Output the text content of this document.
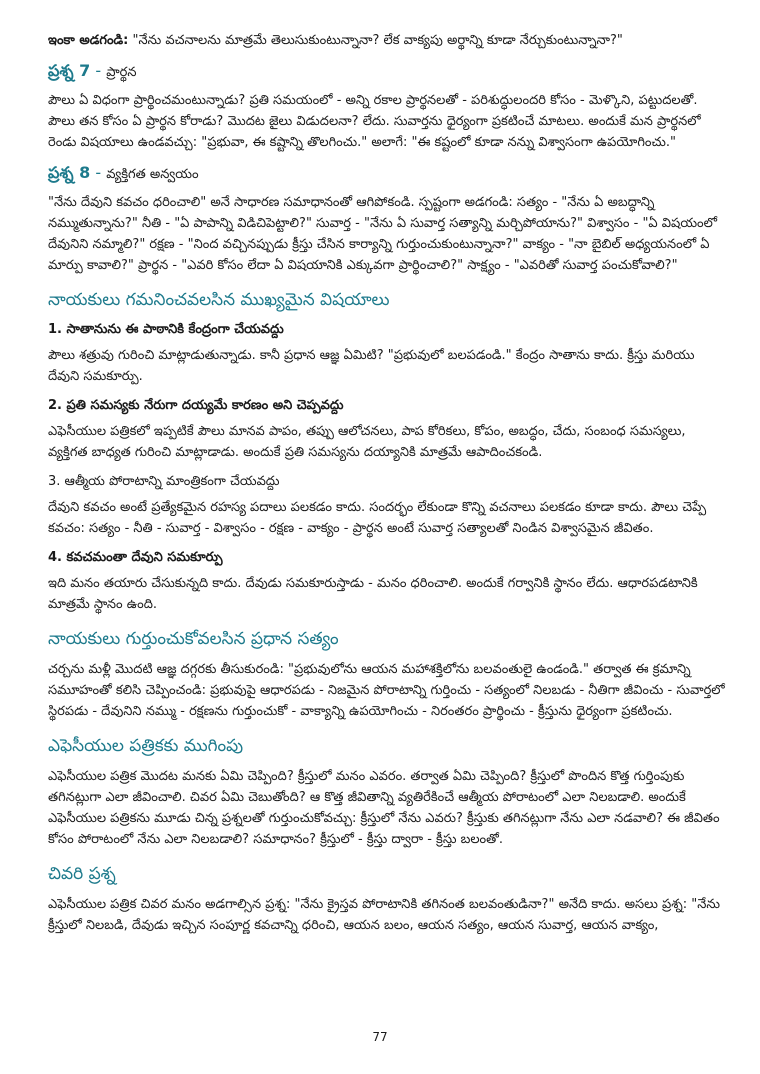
ఇంకా అడగండి: "నేను వచనాలను మాత్రమే తెలుసుకుంటున్నానా? లేక వాక్యపు అర్థాన్ని కూడా నేర్చుకుంటున్నానా?"

ప్రశ్న 7 - ప్రార్థన

పౌలు ఏ విధంగా ప్రార్థించమంటున్నాడు? ప్రతి సమయంలో - అన్ని రకాల ప్రార్థనలతో - పరిశుద్ధులందరి కోసం - మెళ్కొని, పట్టుదలతో. పౌలు తన కోసం ఏ ప్రార్థన కోరాడు? మొదట జైలు విడుదలనా? లేదు. సువార్తను ధైర్యంగా ప్రకటించే మాటలు. అందుకే మన ప్రార్థనలో రెండు విషయాలు ఉండవచ్చు: "ప్రభువా, ఈ కష్టాన్ని తొలగించు." అలాగే: "ఈ కష్టంలో కూడా నన్ను విశ్వాసంగా ఉపయోగించు."

ప్రశ్న 8 - వ్యక్తిగత అన్వయం

"నేను దేవుని కవచం ధరించాలి" అనే సాధారణ సమాధానంతో ఆగిపోకండి. స్పష్టంగా అడగండి: సత్యం - "నేను ఏ అబద్ధాన్ని నమ్ముతున్నాను?" నీతి - "ఏ పాపాన్ని విడిచిపెట్టాలి?" సువార్త - "నేను ఏ సువార్త సత్యాన్ని మర్చిపోయాను?" విశ్వాసం - "ఏ విషయంలో దేవునిని నమ్మాలి?" రక్షణ - "నింద వచ్చినప్పుడు క్రీస్తు చేసిన కార్యాన్ని గుర్తుంచుకుంటున్నానా?" వాక్యం - "నా బైబిల్ అధ్యయనంలో ఏ మార్పు కావాలి?" ప్రార్థన - "ఎవరి కోసం లేదా ఏ విషయానికి ఎక్కువగా ప్రార్థించాలి?" సాక్ష్యం - "ఎవరితో సువార్త పంచుకోవాలి?"

నాయకులు గమనించవలసిన ముఖ్యమైన విషయాలు
1. సాతానును ఈ పాఠానికి కేంద్రంగా చేయవద్దు

పౌలు శత్రువు గురించి మాట్లాడుతున్నాడు. కానీ ప్రధాన ఆజ్ఞ ఏమిటి? "ప్రభువులో బలపడండి." కేంద్రం సాతాను కాదు. క్రీస్తు మరియు దేవుని సమకూర్పు.

2. ప్రతి సమస్యకు నేరుగా దయ్యమే కారణం అని చెప్పవద్దు

ఎఫెసీయుల పత్రికలో ఇప్పటికే పౌలు మానవ పాపం, తప్పు ఆలోచనలు, పాప కోరికలు, కోపం, అబద్ధం, చేదు, సంబంధ సమస్యలు, వ్యక్తిగత బాధ్యత గురించి మాట్లాడాడు. అందుకే ప్రతి సమస్యను దయ్యానికి మాత్రమే ఆపాదించకండి.

3. ఆత్మీయ పోరాటాన్ని మాంత్రికంగా చేయవద్దు

దేవుని కవచం అంటే ప్రత్యేకమైన రహస్య పదాలు పలకడం కాదు. సందర్భం లేకుండా కొన్ని వచనాలు పలకడం కూడా కాదు. పౌలు చెప్పే కవచం: సత్యం - నీతి - సువార్త - విశ్వాసం - రక్షణ - వాక్యం - ప్రార్థన అంటే సువార్త సత్యాలతో నిండిన విశ్వాసమైన జీవితం.

4. కవచమంతా దేవుని సమకూర్పు

ఇది మనం తయారు చేసుకున్నది కాదు. దేవుడు సమకూరుస్తాడు - మనం ధరించాలి. అందుకే గర్వానికి స్థానం లేదు. ఆధారపడటానికి మాత్రమే స్థానం ఉంది.

నాయకులు గుర్తుంచుకోవలసిన ప్రధాన సత్యం

చర్చను మళ్లీ మొదటి ఆజ్ఞ దగ్గరకు తీసుకురండి: "ప్రభువులోను ఆయన మహాశక్తిలోను బలవంతులై ఉండండి." తర్వాత ఈ క్రమాన్ని సమూహంతో కలిసి చెప్పించండి: ప్రభువుపై ఆధారపడు - నిజమైన పోరాటాన్ని గుర్తించు - సత్యంలో నిలబడు - నీతిగా జీవించు - సువార్తలో స్థిరపడు - దేవునిని నమ్ము - రక్షణను గుర్తుంచుకో - వాక్యాన్ని ఉపయోగించు - నిరంతరం ప్రార్థించు - క్రీస్తును ధైర్యంగా ప్రకటించు.

ఎఫెసీయుల పత్రికకు ముగింపు

ఎఫెసీయుల పత్రిక మొదట మనకు ఏమి చెప్పింది? క్రీస్తులో మనం ఎవరం. తర్వాత ఏమి చెప్పింది? క్రీస్తులో పొందిన కొత్త గుర్తింపుకు తగినట్లుగా ఎలా జీవించాలి. చివర ఏమి చెబుతోంది? ఆ కొత్త జీవితాన్ని వ్యతిరేకించే ఆత్మీయ పోరాటంలో ఎలా నిలబడాలి. అందుకే ఎఫెసీయుల పత్రికను మూడు చిన్న ప్రశ్నలతో గుర్తుంచుకోవచ్చు: క్రీస్తులో నేను ఎవరు? క్రీస్తుకు తగినట్లుగా నేను ఎలా నడవాలి? ఈ జీవితం కోసం పోరాటంలో నేను ఎలా నిలబడాలి? సమాధానం? క్రీస్తులో - క్రీస్తు ద్వారా - క్రీస్తు బలంతో.

చివరి ప్రశ్న

ఎఫెసీయుల పత్రిక చివర మనం అడగాల్సిన ప్రశ్న: "నేను క్రైస్తవ పోరాటానికి తగినంత బలవంతుడినా?" అనేది కాదు. అసలు ప్రశ్న: "నేను క్రీస్తులో నిలబడి, దేవుడు ఇచ్చిన సంపూర్ణ కవచాన్ని ధరించి, ఆయన బలం, ఆయన సత్యం, ఆయన సువార్త, ఆయన వాక్యం,

77
